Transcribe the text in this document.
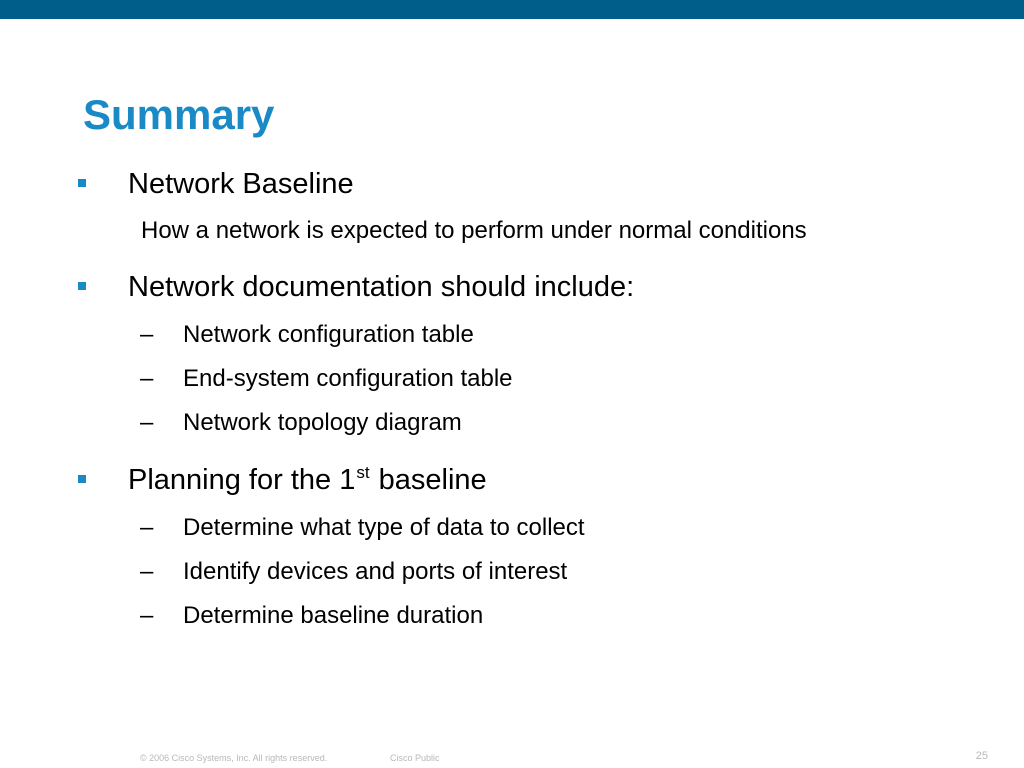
Summary
Network Baseline
How a network is expected to perform under normal conditions
Network documentation should include:
– Network configuration table
– End-system configuration table
– Network topology diagram
Planning for the 1st baseline
– Determine what type of data to collect
– Identify devices and ports of interest
– Determine baseline duration
© 2006 Cisco Systems, Inc. All rights reserved.	Cisco Public	25
